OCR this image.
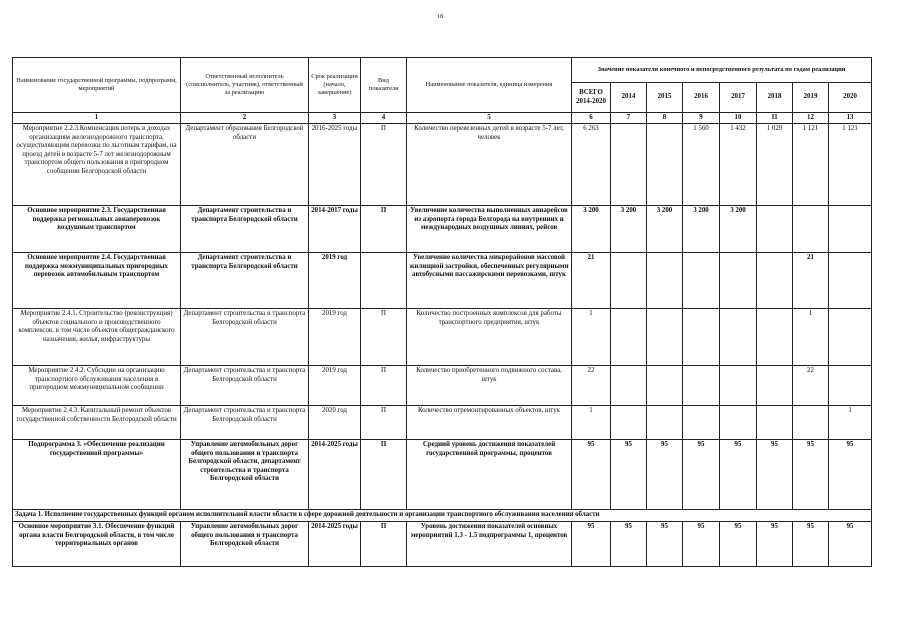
18
Наименование государственной программы, подпрограмм, мероприятий	Ответственный исполнитель (соисполнитель, участник), ответственный за реализацию	Срок реализации (начало, завершение)	Вид показателя	Наименование показателя, единица измерения	Значение показателя конечного и непосредственного результата по годам реализации							
					ВСЕГО 2014-2020	2014	2015	2016	2017	2018	2019	2020
1	2	3	4	5	6	7	8	9	10	11	12	13
Мероприятие 2.2.3.Компенсация потерь в доходах организациям железнодорожного транспорта, осуществляющим перевозки по льготным тарифам, на проезд детей в возрасте 5-7 лет железнодорожным транспортом общего пользования в пригородном сообщении Белгородской области	Департамент образования Белгородской области	2016-2025 годы	П	Количество перевезенных детей в возрасте 5-7 лет, человек	6 263			1 560	1 432	1 029	1 121	1 121
Основное мероприятие 2.3. Государственная поддержка региональных авиаперевозок воздушным транспортом	Департамент строительства и транспорта Белгородской области	2014-2017 годы	П	Увеличение количества выполненных авиарейсов из аэропорта города Белгорода на внутренних и международных воздушных линиях, рейсов	3 200	3 200	3 200	3 200	3 200			
Основное мероприятие 2.4. Государственная поддержка межмуниципальных пригородных перевозок автомобильным транспортом	Департамент строительства и транспорта Белгородской области	2019 год		Увеличение количества микрорайонов массовой жилищной застройки, обеспеченных регулярными автобусными пассажирскими перевозками, штук	21						21	
Мероприятие 2.4.1. Строительство (реконструкция) объектов социального и производственного комплексов, в том числе объектов общегражданского назначения, жилья, инфраструктуры	Департамент строительства и транспорта Белгородской области	2019 год	П	Количество построенных комплексов для работы транспортного предприятия, штук	1						1	
Мероприятие 2.4.2. Субсидии на организацию транспортного обслуживания населения в пригородном межмуниципальном сообщении	Департамент строительства и транспорта Белгородской области	2019 год	П	Количество приобретенного подвижного состава, штук	22						22	
Мероприятие 2.4.3. Капитальный ремонт объектов государственной собственности Белгородской области	Департамент строительства и транспорта Белгородской области	2020 год	П	Количество отремонтированных объектов, штук	1							1
Подпрограмма 3. «Обеспечение реализации государственной программы»	Управление автомобильных дорог общего пользования и транспорта Белгородской области, департамент строительства и транспорта Белгородской области	2014-2025 годы	П	Средний уровень достижения показателей государственной программы, процентов	95	95	95	95	95	95	95	95
Задача 1. Исполнение государственных функций органом исполнительной власти области в сфере дорожной деятельности и организации транспортного обслуживания населения области												
Основное мероприятие 3.1. Обеспечение функций органа власти Белгородской области, в том числе территориальных органов	Управление автомобильных дорог общего пользования и транспорта Белгородской области	2014-2025 годы	П	Уровень достижения показателей основных мероприятий 1.3 - 1.5 подпрограммы 1, процентов	95	95	95	95	95	95	95	95
